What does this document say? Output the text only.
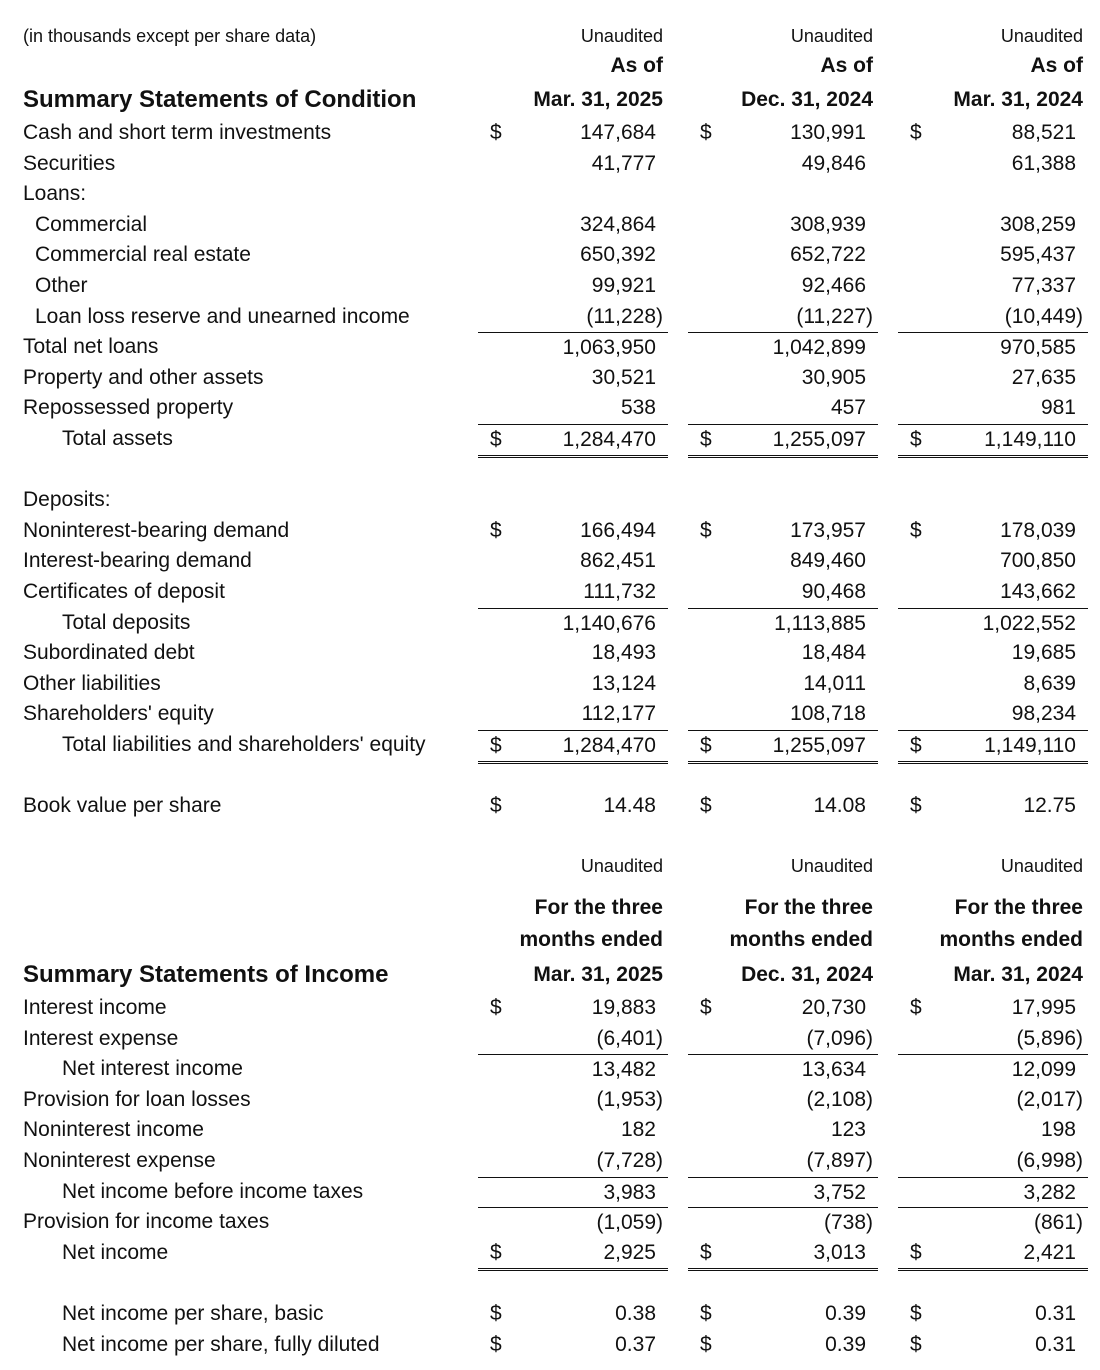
(in thousands except per share data)	Unaudited	Unaudited	Unaudited
As of	As of	As of
Summary Statements of Condition	Mar. 31, 2025	Dec. 31, 2024	Mar. 31, 2024
Cash and short term investments	$	147,684 $	130,991 $	88,521
Securities	41,777	49,846	61,388
Loans:
Commercial	324,864	308,939	308,259
Commercial real estate	650,392	652,722	595,437
Other	99,921	92,466	77,337
Loan loss reserve and unearned income	(11,228)	(11,227)	(10,449)
Total net loans	1,063,950	1,042,899	970,585
Property and other assets	30,521	30,905	27,635
Repossessed property	538	457	981
Total assets	$	1,284,470 $	1,255,097 $	1,149,110
Deposits:
Noninterest-bearing demand	$	166,494 $	173,957 $	178,039
Interest-bearing demand	862,451	849,460	700,850
Certificates of deposit	111,732	90,468	143,662
Total deposits	1,140,676	1,113,885	1,022,552
Subordinated debt	18,493	18,484	19,685
Other liabilities	13,124	14,011	8,639
Shareholders' equity	112,177	108,718	98,234
Total liabilities and shareholders' equity	$	1,284,470 $	1,255,097 $	1,149,110
Book value per share	$	14.48 $	14.08 $	12.75
Unaudited	Unaudited	Unaudited
For the three	For the three	For the three
months ended	months ended	months ended
Summary Statements of Income	Mar. 31, 2025	Dec. 31, 2024	Mar. 31, 2024
Interest income	$	19,883 $	20,730 $	17,995
Interest expense	(6,401)	(7,096)	(5,896)
Net interest income	13,482	13,634	12,099
Provision for loan losses	(1,953)	(2,108)	(2,017)
Noninterest income	182	123	198
Noninterest expense	(7,728)	(7,897)	(6,998)
Net income before income taxes	3,983	3,752	3,282
Provision for income taxes	(1,059)	(738)	(861)
Net income	$	2,925 $	3,013 $	2,421
Net income per share, basic	$	0.38 $	0.39 $	0.31
Net income per share, fully diluted	$	0.37 $	0.39 $	0.31
